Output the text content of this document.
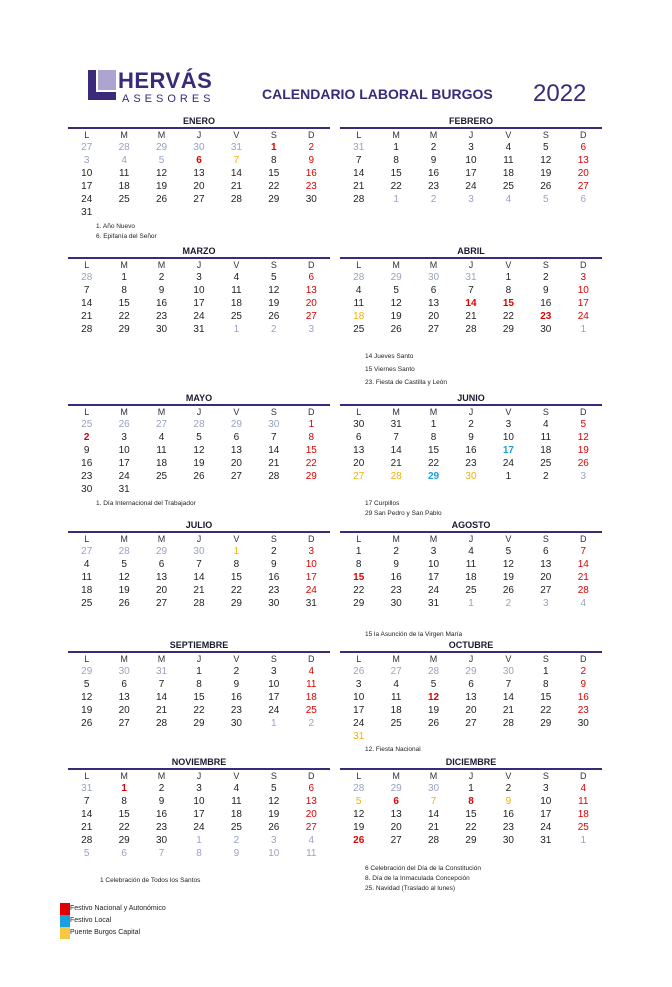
HERVÁS
ASESORES	CALENDARIO LABORAL BURGOS 2022
ENERO
L	M	M	J	V	S	D
27	28	29	30	31	1	2
3	4	5	6	7	8	9
10	11	12	13	14	15	16
17	18	19	20	21	22	23
24	25	26	27	28	29	30
31						
1. Año Nuevo
6. Epifanía del Señor
FEBRERO
L	M	M	J	V	S	D
31	1	2	3	4	5	6
7	8	9	10	11	12	13
14	15	16	17	18	19	20
21	22	23	24	25	26	27
28	1	2	3	4	5	6
MARZO
L	M	M	J	V	S	D
28	1	2	3	4	5	6
7	8	9	10	11	12	13
14	15	16	17	18	19	20
21	22	23	24	25	26	27
28	29	30	31	1	2	3
ABRIL
L	M	M	J	V	S	D
28	29	30	31	1	2	3
4	5	6	7	8	9	10
11	12	13	14	15	16	17
18	19	20	21	22	23	24
25	26	27	28	29	30	1
14 Jueves Santo
15 Viernes Santo
23. Fiesta de Castilla y León
MAYO
L	M	M	J	V	S	D
25	26	27	28	29	30	1
2	3	4	5	6	7	8
9	10	11	12	13	14	15
16	17	18	19	20	21	22
23	24	25	26	27	28	29
30	31					
1. Día Internacional del Trabajador
JUNIO
L	M	M	J	V	S	D
30	31	1	2	3	4	5
6	7	8	9	10	11	12
13	14	15	16	17	18	19
20	21	22	23	24	25	26
27	28	29	30	1	2	3
17 Curpillos
29 San Pedro y San Pablo
JULIO
L	M	M	J	V	S	D
27	28	29	30	1	2	3
4	5	6	7	8	9	10
11	12	13	14	15	16	17
18	19	20	21	22	23	24
25	26	27	28	29	30	31
AGOSTO
L	M	M	J	V	S	D
1	2	3	4	5	6	7
8	9	10	11	12	13	14
15	16	17	18	19	20	21
22	23	24	25	26	27	28
29	30	31	1	2	3	4
15 la Asunción de la Virgen María
SEPTIEMBRE
L	M	M	J	V	S	D
29	30	31	1	2	3	4
5	6	7	8	9	10	11
12	13	14	15	16	17	18
19	20	21	22	23	24	25
26	27	28	29	30	1	2
OCTUBRE
L	M	M	J	V	S	D
26	27	28	29	30	1	2
3	4	5	6	7	8	9
10	11	12	13	14	15	16
17	18	19	20	21	22	23
24	25	26	27	28	29	30
31						
12. Fiesta Nacional
NOVIEMBRE
L	M	M	J	V	S	D
31	1	2	3	4	5	6
7	8	9	10	11	12	13
14	15	16	17	18	19	20
21	22	23	24	25	26	27
28	29	30	1	2	3	4
5	6	7	8	9	10	11
1 Celebración de Todos los Santos
DICIEMBRE
L	M	M	J	V	S	D
28	29	30	1	2	3	4
5	6	7	8	9	10	11
12	13	14	15	16	17	18
19	20	21	22	23	24	25
26	27	28	29	30	31	1
6 Celebración del Día de la Constitución
8. Día de la Inmaculada Concepción
25. Navidad (Traslado al lunes)
Festivo Nacional y Autonómico
Festivo Local
Puente Burgos Capital
